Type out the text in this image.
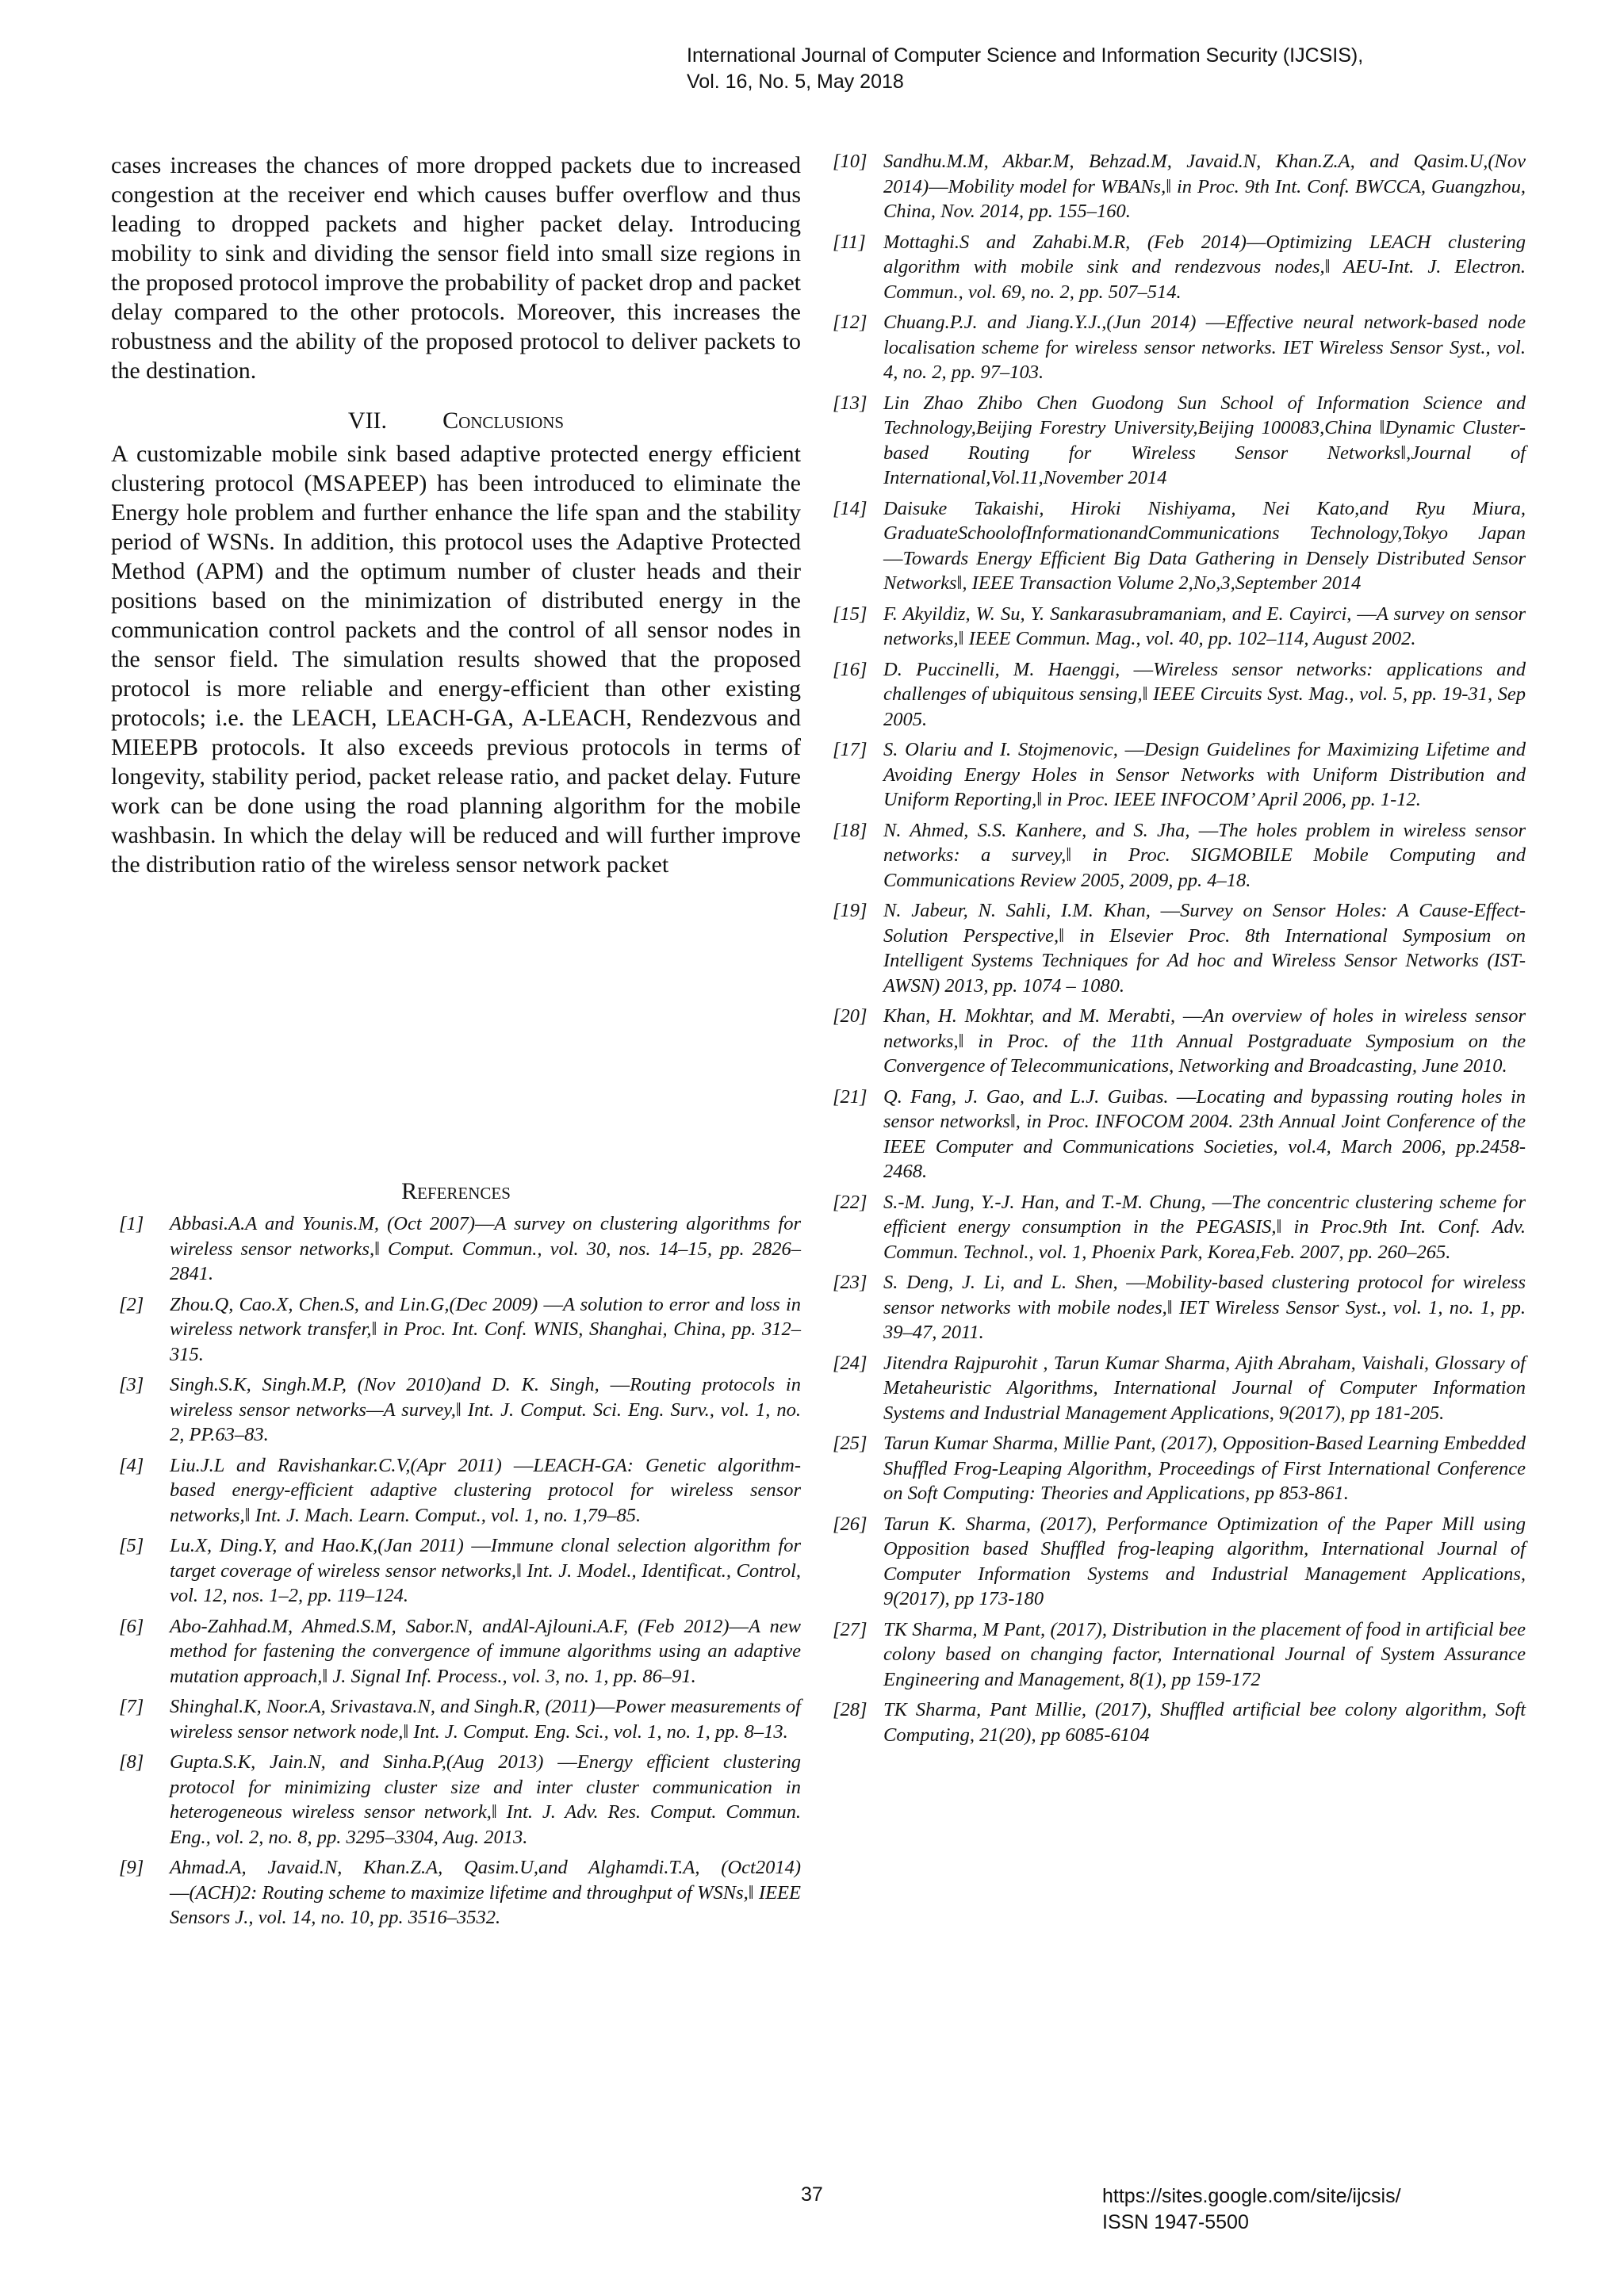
International Journal of Computer Science and Information Security (IJCSIS),
Vol. 16, No. 5, May 2018

cases increases the chances of more dropped packets due to increased congestion at the receiver end which causes buffer overflow and thus leading to dropped packets and higher packet delay. Introducing mobility to sink and dividing the sensor field into small size regions in the proposed protocol improve the probability of packet drop and packet delay compared to the other protocols. Moreover, this increases the robustness and the ability of the proposed protocol to deliver packets to the destination.

VII. Conclusions

A customizable mobile sink based adaptive protected energy efficient clustering protocol (MSAPEEP) has been introduced to eliminate the Energy hole problem and further enhance the life span and the stability period of WSNs. In addition, this protocol uses the Adaptive Protected Method (APM) and the optimum number of cluster heads and their positions based on the minimization of distributed energy in the communication control packets and the control of all sensor nodes in the sensor field. The simulation results showed that the proposed protocol is more reliable and energy-efficient than other existing protocols; i.e. the LEACH, LEACH-GA, A-LEACH, Rendezvous and MIEEPB protocols. It also exceeds previous protocols in terms of longevity, stability period, packet release ratio, and packet delay. Future work can be done using the road planning algorithm for the mobile washbasin. In which the delay will be reduced and will further improve the distribution ratio of the wireless sensor network packet

References
[1] Abbasi.A.A and Younis.M, (Oct 2007)―A survey on clustering algorithms for wireless sensor networks,‖ Comput. Commun., vol. 30, nos. 14–15, pp. 2826–2841.
[2] Zhou.Q, Cao.X, Chen.S, and Lin.G,(Dec 2009) ―A solution to error and loss in wireless network transfer,‖ in Proc. Int. Conf. WNIS, Shanghai, China, pp. 312–315.
[3] Singh.S.K, Singh.M.P, (Nov 2010)and D. K. Singh, ―Routing protocols in wireless sensor networks—A survey,‖ Int. J. Comput. Sci. Eng. Surv., vol. 1, no. 2, PP.63–83.
[4] Liu.J.L and Ravishankar.C.V,(Apr 2011) ―LEACH-GA: Genetic algorithm-based energy-efficient adaptive clustering protocol for wireless sensor networks,‖ Int. J. Mach. Learn. Comput., vol. 1, no. 1,79–85.
[5] Lu.X, Ding.Y, and Hao.K,(Jan 2011) ―Immune clonal selection algorithm for target coverage of wireless sensor networks,‖ Int. J. Model., Identificat., Control, vol. 12, nos. 1–2, pp. 119–124.
[6] Abo-Zahhad.M, Ahmed.S.M, Sabor.N, andAl-Ajlouni.A.F, (Feb 2012)―A new method for fastening the convergence of immune algorithms using an adaptive mutation approach,‖ J. Signal Inf. Process., vol. 3, no. 1, pp. 86–91.
[7] Shinghal.K, Noor.A, Srivastava.N, and Singh.R, (2011)―Power measurements of wireless sensor network node,‖ Int. J. Comput. Eng. Sci., vol. 1, no. 1, pp. 8–13.
[8] Gupta.S.K, Jain.N, and Sinha.P,(Aug 2013) ―Energy efficient clustering protocol for minimizing cluster size and inter cluster communication in heterogeneous wireless sensor network,‖ Int. J. Adv. Res. Comput. Commun. Eng., vol. 2, no. 8, pp. 3295–3304, Aug. 2013.
[9] Ahmad.A, Javaid.N, Khan.Z.A, Qasim.U,and Alghamdi.T.A, (Oct2014) ―(ACH)2: Routing scheme to maximize lifetime and throughput of WSNs,‖ IEEE Sensors J., vol. 14, no. 10, pp. 3516–3532.
[10] Sandhu.M.M, Akbar.M, Behzad.M, Javaid.N, Khan.Z.A, and Qasim.U,(Nov 2014)―Mobility model for WBANs,‖ in Proc. 9th Int. Conf. BWCCA, Guangzhou, China, Nov. 2014, pp. 155–160.
[11] Mottaghi.S and Zahabi.M.R, (Feb 2014)―Optimizing LEACH clustering algorithm with mobile sink and rendezvous nodes,‖ AEU-Int. J. Electron. Commun., vol. 69, no. 2, pp. 507–514.
[12] Chuang.P.J. and Jiang.Y.J.,(Jun 2014) ―Effective neural network-based node localisation scheme for wireless sensor networks. IET Wireless Sensor Syst., vol. 4, no. 2, pp. 97–103.
[13] Lin Zhao Zhibo Chen Guodong Sun School of Information Science and Technology,Beijing Forestry University,Beijing 100083,China ‖Dynamic Cluster-based Routing for Wireless Sensor Networks‖,Journal of International,Vol.11,November 2014
[14] Daisuke Takaishi, Hiroki Nishiyama, Nei Kato,and Ryu Miura, GraduateSchoolofInformationandCommunications Technology,Tokyo Japan ―Towards Energy Efficient Big Data Gathering in Densely Distributed Sensor Networks‖, IEEE Transaction Volume 2,No,3,September 2014
[15] F. Akyildiz, W. Su, Y. Sankarasubramaniam, and E. Cayirci, ―A survey on sensor networks,‖ IEEE Commun. Mag., vol. 40, pp. 102–114, August 2002.
[16] D. Puccinelli, M. Haenggi, ―Wireless sensor networks: applications and challenges of ubiquitous sensing,‖ IEEE Circuits Syst. Mag., vol. 5, pp. 19-31, Sep 2005.
[17] S. Olariu and I. Stojmenovic, ―Design Guidelines for Maximizing Lifetime and Avoiding Energy Holes in Sensor Networks with Uniform Distribution and Uniform Reporting,‖ in Proc. IEEE INFOCOM’ April 2006, pp. 1-12.
[18] N. Ahmed, S.S. Kanhere, and S. Jha, ―The holes problem in wireless sensor networks: a survey,‖ in Proc. SIGMOBILE Mobile Computing and Communications Review 2005, 2009, pp. 4–18.
[19] N. Jabeur, N. Sahli, I.M. Khan, ―Survey on Sensor Holes: A Cause-Effect-Solution Perspective,‖ in Elsevier Proc. 8th International Symposium on Intelligent Systems Techniques for Ad hoc and Wireless Sensor Networks (IST-AWSN) 2013, pp. 1074 – 1080.
[20] Khan, H. Mokhtar, and M. Merabti, ―An overview of holes in wireless sensor networks,‖ in Proc. of the 11th Annual Postgraduate Symposium on the Convergence of Telecommunications, Networking and Broadcasting, June 2010.
[21] Q. Fang, J. Gao, and L.J. Guibas. ―Locating and bypassing routing holes in sensor networks‖, in Proc. INFOCOM 2004. 23th Annual Joint Conference of the IEEE Computer and Communications Societies, vol.4, March 2006, pp.2458-2468.
[22] S.-M. Jung, Y.-J. Han, and T.-M. Chung, ―The concentric clustering scheme for efficient energy consumption in the PEGASIS,‖ in Proc.9th Int. Conf. Adv. Commun. Technol., vol. 1, Phoenix Park, Korea,Feb. 2007, pp. 260–265.
[23] S. Deng, J. Li, and L. Shen, ―Mobility-based clustering protocol for wireless sensor networks with mobile nodes,‖ IET Wireless Sensor Syst., vol. 1, no. 1, pp. 39–47, 2011.
[24] Jitendra Rajpurohit , Tarun Kumar Sharma, Ajith Abraham, Vaishali, Glossary of Metaheuristic Algorithms, International Journal of Computer Information Systems and Industrial Management Applications, 9(2017), pp 181-205.
[25] Tarun Kumar Sharma, Millie Pant, (2017), Opposition-Based Learning Embedded Shuffled Frog-Leaping Algorithm, Proceedings of First International Conference on Soft Computing: Theories and Applications, pp 853-861.
[26] Tarun K. Sharma, (2017), Performance Optimization of the Paper Mill using Opposition based Shuffled frog-leaping algorithm, International Journal of Computer Information Systems and Industrial Management Applications, 9(2017), pp 173-180
[27] TK Sharma, M Pant, (2017), Distribution in the placement of food in artificial bee colony based on changing factor, International Journal of System Assurance Engineering and Management, 8(1), pp 159-172
[28] TK Sharma, Pant Millie, (2017), Shuffled artificial bee colony algorithm, Soft Computing, 21(20), pp 6085-6104
37	https://sites.google.com/site/ijcsis/
ISSN 1947-5500
